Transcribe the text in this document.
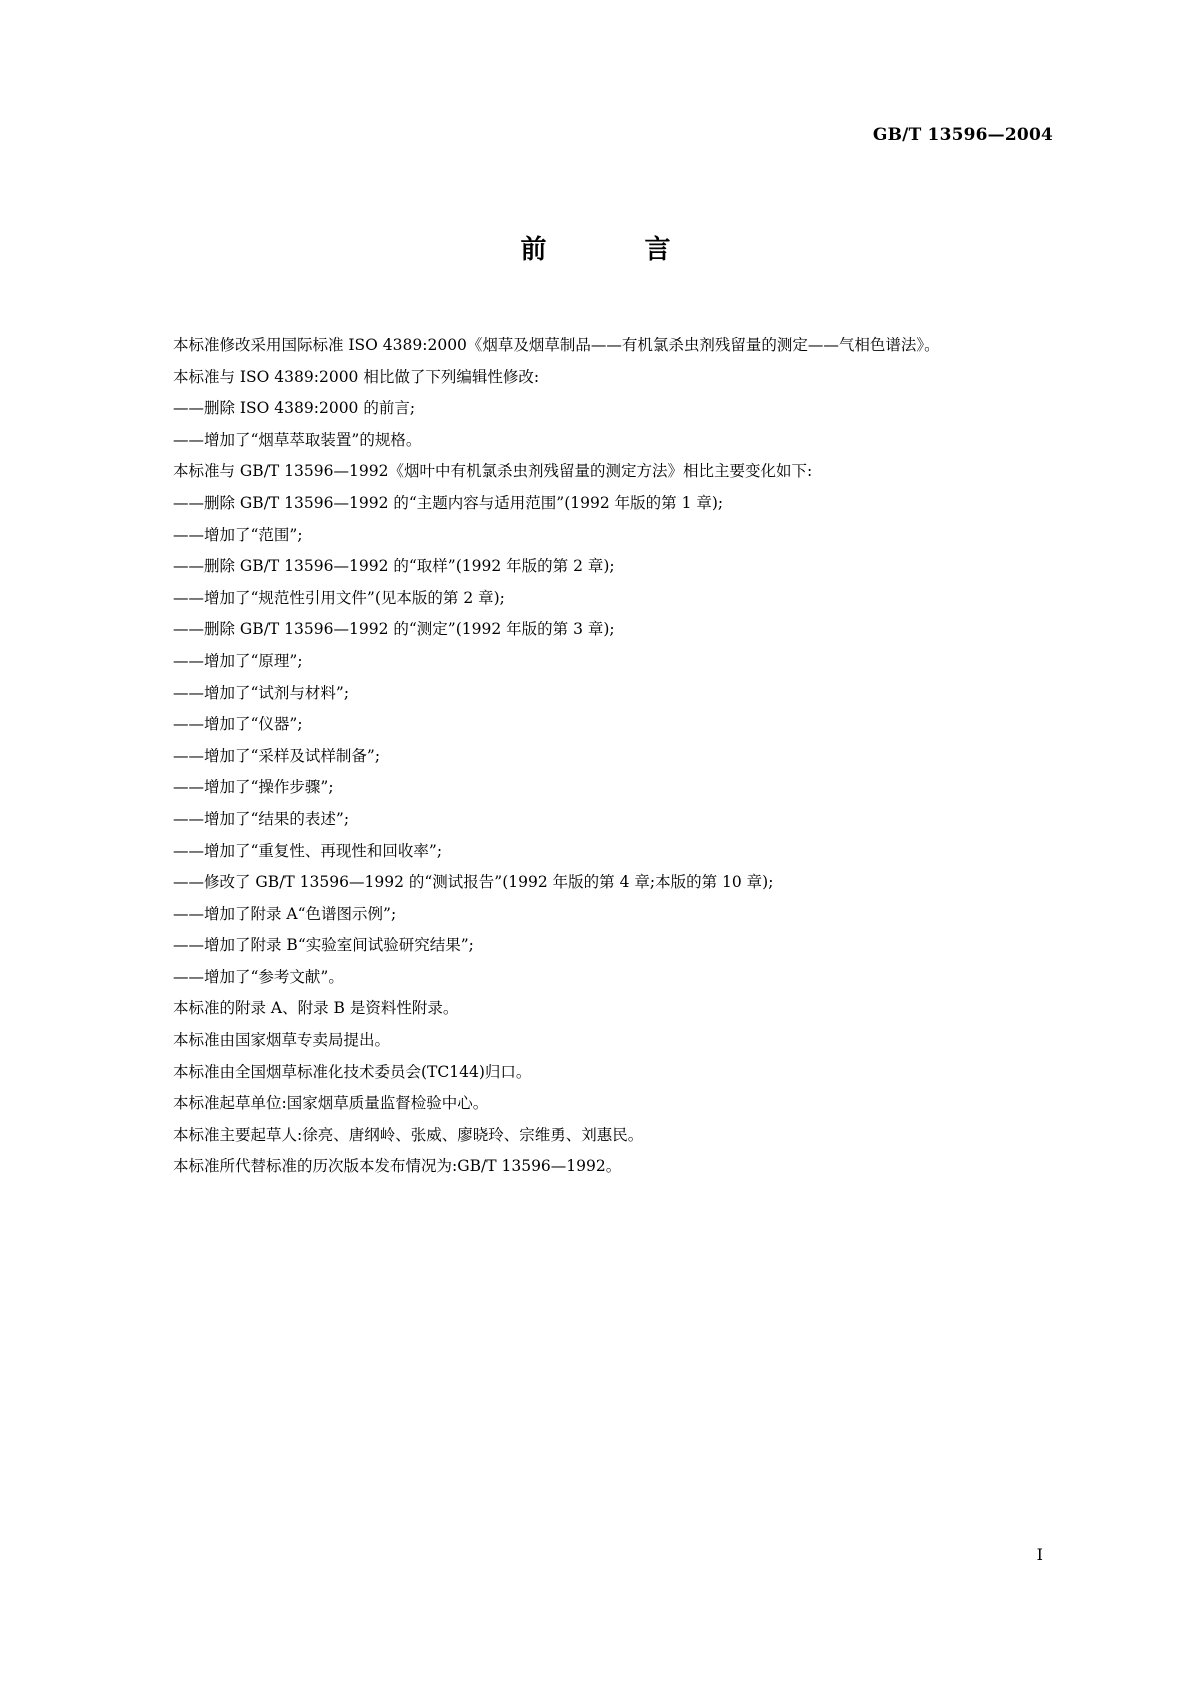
GB/T 13596—2004
前　言

本标准修改采用国际标准 ISO 4389:2000《烟草及烟草制品——有机氯杀虫剂残留量的测定——气相色谱法》。

本标准与 ISO 4389:2000 相比做了下列编辑性修改:

——删除 ISO 4389:2000 的前言;

——增加了“烟草萃取装置”的规格。

本标准与 GB/T 13596—1992《烟叶中有机氯杀虫剂残留量的测定方法》相比主要变化如下:

——删除 GB/T 13596—1992 的“主题内容与适用范围”(1992 年版的第 1 章);

——增加了“范围”;

——删除 GB/T 13596—1992 的“取样”(1992 年版的第 2 章);

——增加了“规范性引用文件”(见本版的第 2 章);

——删除 GB/T 13596—1992 的“测定”(1992 年版的第 3 章);

——增加了“原理”;

——增加了“试剂与材料”;

——增加了“仪器”;

——增加了“采样及试样制备”;

——增加了“操作步骤”;

——增加了“结果的表述”;

——增加了“重复性、再现性和回收率”;

——修改了 GB/T 13596—1992 的“测试报告”(1992 年版的第 4 章;本版的第 10 章);

——增加了附录 A“色谱图示例”;

——增加了附录 B“实验室间试验研究结果”;

——增加了“参考文献”。

本标准的附录 A、附录 B 是资料性附录。

本标准由国家烟草专卖局提出。

本标准由全国烟草标准化技术委员会(TC144)归口。

本标准起草单位:国家烟草质量监督检验中心。

本标准主要起草人:徐亮、唐纲岭、张威、廖晓玲、宗维勇、刘惠民。

本标准所代替标准的历次版本发布情况为:GB/T 13596—1992。

I
